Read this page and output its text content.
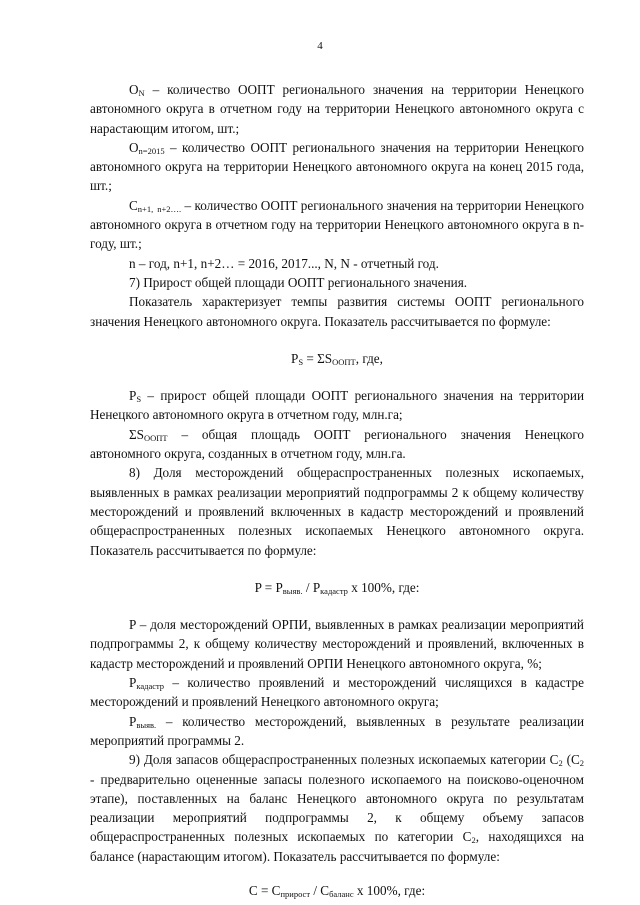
4

$O_N$ – количество ООПТ регионального значения на территории Ненецкого автономного округа в отчетном году на территории Ненецкого автономного округа с нарастающим итогом, шт.;

$O_{n=2015}$ – количество ООПТ регионального значения на территории Ненецкого автономного округа на территории Ненецкого автономного округа на конец 2015 года, шт.;

$C_{n+1,}$ $_{n+2\dots.}$ – количество ООПТ регионального значения на территории Ненецкого автономного округа в отчетном году на территории Ненецкого автономного округа в n-году, шт.;

n – год, n+1, n+2… = 2016, 2017..., N, N - отчетный год.

7) Прирост общей площади ООПТ регионального значения.

Показатель характеризует темпы развития системы ООПТ регионального значения Ненецкого автономного округа. Показатель рассчитывается по формуле:

$P_S = \Sigma S_{ООПТ}$, где,

$P_S$ – прирост общей площади ООПТ регионального значения на территории Ненецкого автономного округа в отчетном году, млн.га;

$\Sigma S_{ООПТ}$ – общая площадь ООПТ регионального значения Ненецкого автономного округа, созданных в отчетном году, млн.га.

8) Доля месторождений общераспространенных полезных ископаемых, выявленных в рамках реализации мероприятий подпрограммы 2 к общему количеству месторождений и проявлений включенных в кадастр месторождений и проявлений общераспространенных полезных ископаемых Ненецкого автономного округа. Показатель рассчитывается по формуле:

$P = P_{выяв.} / P_{кадастр}$ х 100%, где:

P – доля месторождений ОРПИ, выявленных в рамках реализации мероприятий подпрограммы 2, к общему количеству месторождений и проявлений, включенных в кадастр месторождений и проявлений ОРПИ Ненецкого автономного округа, %;

$P_{кадастр}$ – количество проявлений и месторождений числящихся в кадастре месторождений и проявлений Ненецкого автономного округа;

$P_{выяв.}$ – количество месторождений, выявленных в результате реализации мероприятий программы 2.

9) Доля запасов общераспространенных полезных ископаемых категории $C_2$ ($C_2$ - предварительно оцененные запасы полезного ископаемого на поисково-оценочном этапе), поставленных на баланс Ненецкого автономного округа по результатам реализации мероприятий подпрограммы 2, к общему объему запасов общераспространенных полезных ископаемых по категории $C_2$, находящихся на балансе (нарастающим итогом). Показатель рассчитывается по формуле:

$C = C_{прирост} / C_{баланс}$ х 100%, где:
